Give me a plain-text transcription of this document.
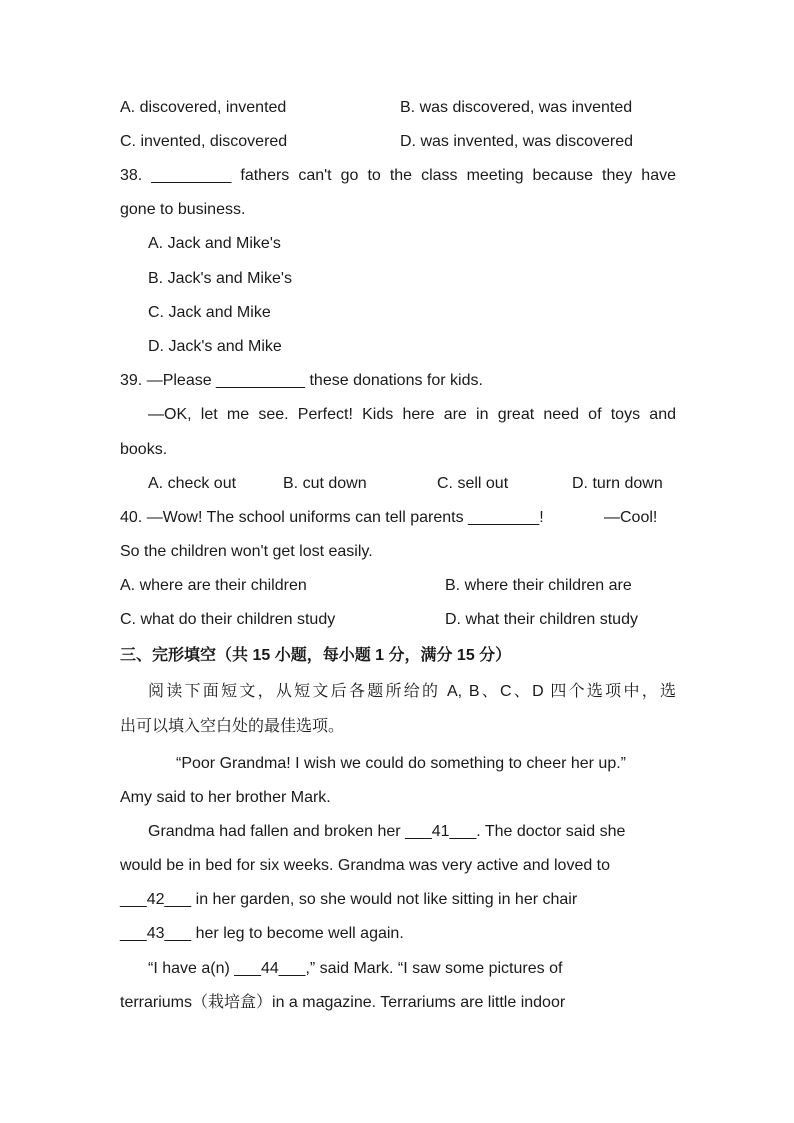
A. discovered, invented	B. was discovered, was invented
C. invented, discovered	D. was invented, was discovered
38. _________ fathers can't go to the class meeting because they have
gone to business.
A. Jack and Mike's
B. Jack's and Mike's
C. Jack and Mike
D. Jack's and Mike
39. —Please __________ these donations for kids.
—OK, let me see. Perfect! Kids here are in great need of toys and
books.
A. check out	B. cut down	C. sell out	D. turn down
40. —Wow! The school uniforms can tell parents ________!	—Cool!
So the children won't get lost easily.
A. where are their children	B. where their children are
C. what do their children study	D. what their children study
三、完形填空（共 15 小题，每小题 1 分，满分 15 分）
阅读下面短文，从短文后各题所给的 A, B、C、D 四个选项中，选
出可以填入空白处的最佳选项。
“Poor Grandma! I wish we could do something to cheer her up.”
Amy said to her brother Mark.
Grandma had fallen and broken her ___41___. The doctor said she
would be in bed for six weeks. Grandma was very active and loved to
___42___ in her garden, so she would not like sitting in her chair
___43___ her leg to become well again.
“I have a(n) ___44___,” said Mark. “I saw some pictures of
terrariums（栽培盒）in a magazine. Terrariums are little indoor
